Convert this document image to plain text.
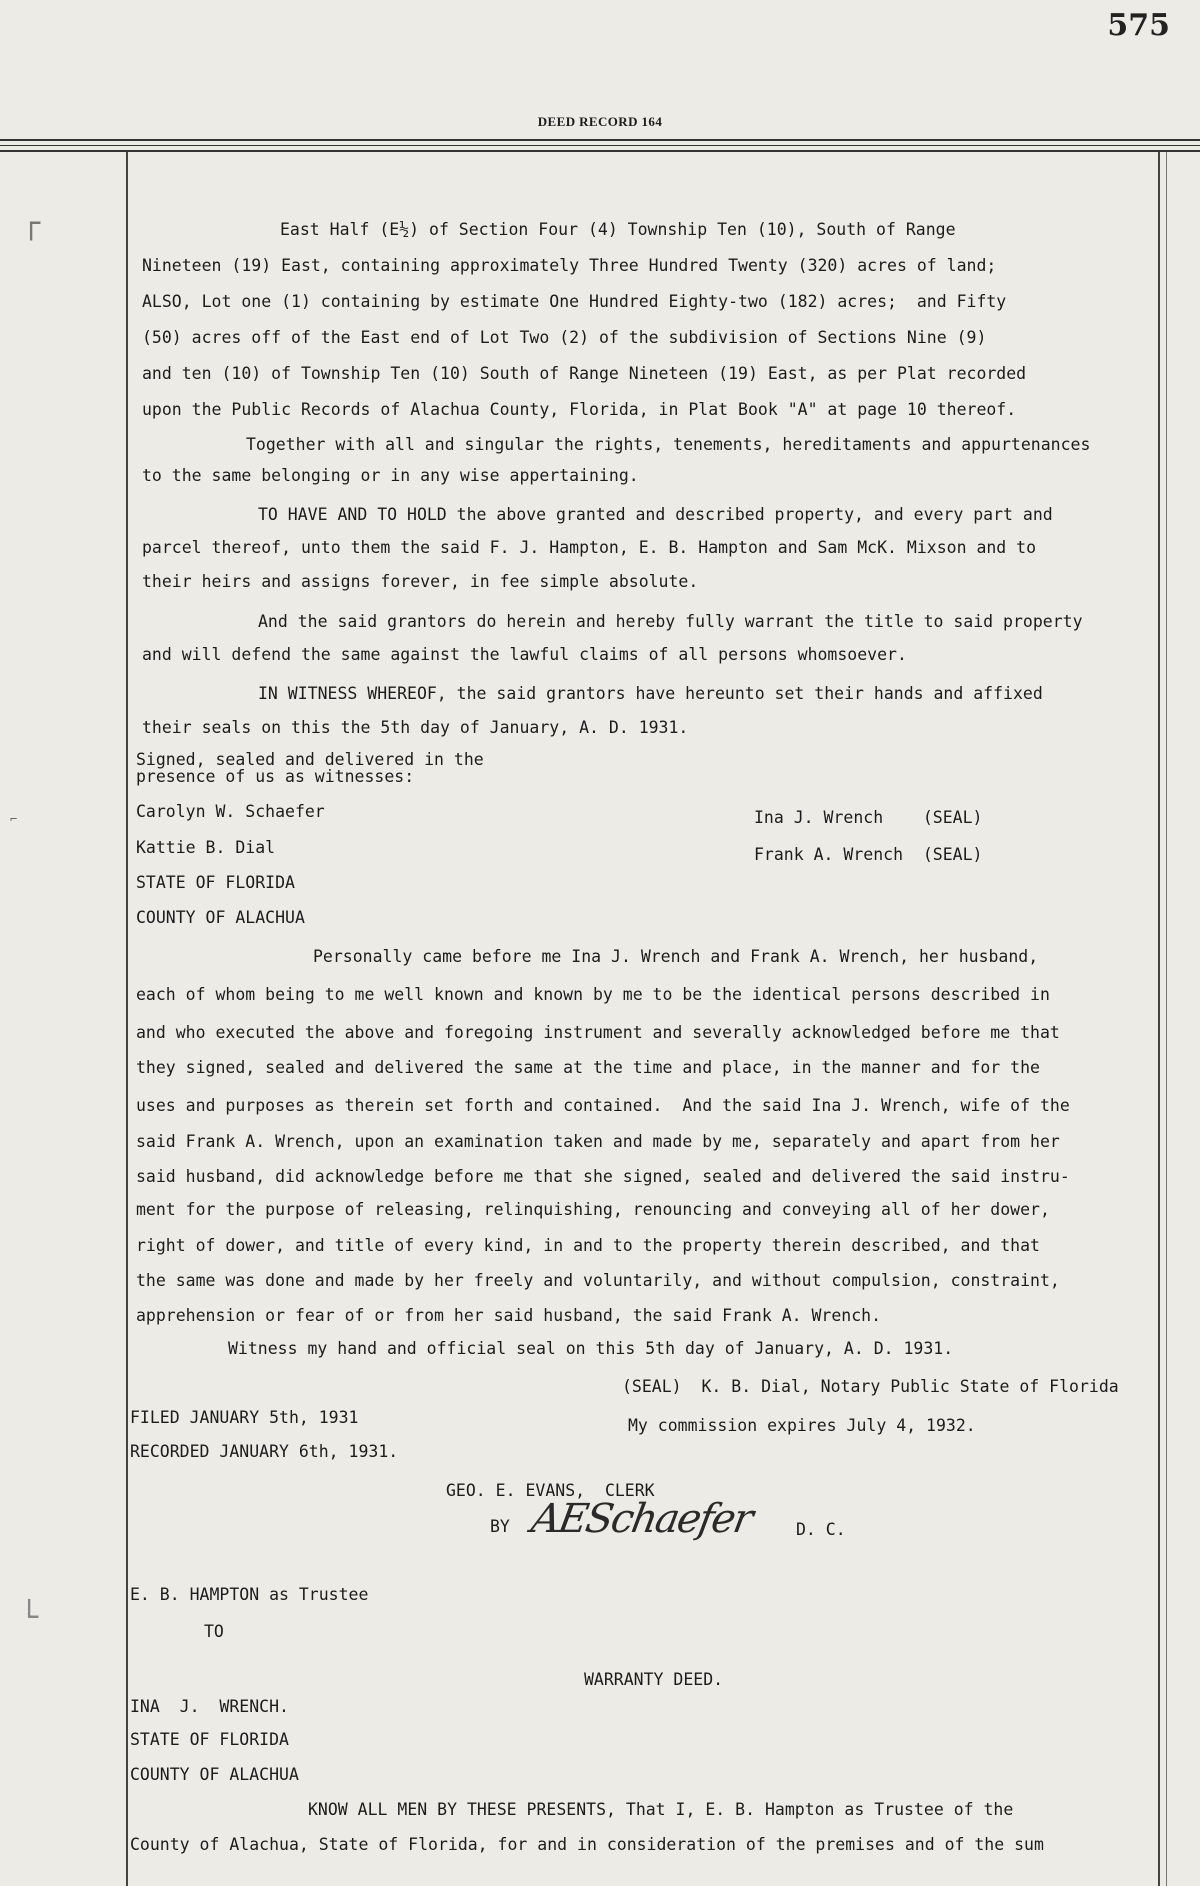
575
DEED RECORD 164
┌
⌐
└
East Half (E½) of Section Four (4) Township Ten (10), South of Range
Nineteen (19) East, containing approximately Three Hundred Twenty (320) acres of land;
ALSO, Lot one (1) containing by estimate One Hundred Eighty-two (182) acres;  and Fifty
(50) acres off of the East end of Lot Two (2) of the subdivision of Sections Nine (9)
and ten (10) of Township Ten (10) South of Range Nineteen (19) East, as per Plat recorded
upon the Public Records of Alachua County, Florida, in Plat Book "A" at page 10 thereof.
Together with all and singular the rights, tenements, hereditaments and appurtenances
to the same belonging or in any wise appertaining.
TO HAVE AND TO HOLD the above granted and described property, and every part and
parcel thereof, unto them the said F. J. Hampton, E. B. Hampton and Sam McK. Mixson and to
their heirs and assigns forever, in fee simple absolute.
And the said grantors do herein and hereby fully warrant the title to said property
and will defend the same against the lawful claims of all persons whomsoever.
IN WITNESS WHEREOF, the said grantors have hereunto set their hands and affixed
their seals on this the 5th day of January, A. D. 1931.
Signed, sealed and delivered in the
presence of us as witnesses:
Carolyn W. Schaefer	Ina J. Wrench    (SEAL)
Kattie B. Dial	Frank A. Wrench  (SEAL)
STATE OF FLORIDA
COUNTY OF ALACHUA
Personally came before me Ina J. Wrench and Frank A. Wrench, her husband,
each of whom being to me well known and known by me to be the identical persons described in
and who executed the above and foregoing instrument and severally acknowledged before me that
they signed, sealed and delivered the same at the time and place, in the manner and for the
uses and purposes as therein set forth and contained.  And the said Ina J. Wrench, wife of the
said Frank A. Wrench, upon an examination taken and made by me, separately and apart from her
said husband, did acknowledge before me that she signed, sealed and delivered the said instru-
ment for the purpose of releasing, relinquishing, renouncing and conveying all of her dower,
right of dower, and title of every kind, in and to the property therein described, and that
the same was done and made by her freely and voluntarily, and without compulsion, constraint,
apprehension or fear of or from her said husband, the said Frank A. Wrench.
Witness my hand and official seal on this 5th day of January, A. D. 1931.
(SEAL)  K. B. Dial, Notary Public State of Florida
FILED JANUARY 5th, 1931	My commission expires July 4, 1932.
RECORDED JANUARY 6th, 1931.
GEO. E. EVANS,  CLERK
BY	D. C.
E. B. HAMPTON as Trustee
TO
WARRANTY DEED.
INA  J.  WRENCH.
STATE OF FLORIDA
COUNTY OF ALACHUA
KNOW ALL MEN BY THESE PRESENTS, That I, E. B. Hampton as Trustee of the
County of Alachua, State of Florida, for and in consideration of the premises and of the sum
AESchaefer
